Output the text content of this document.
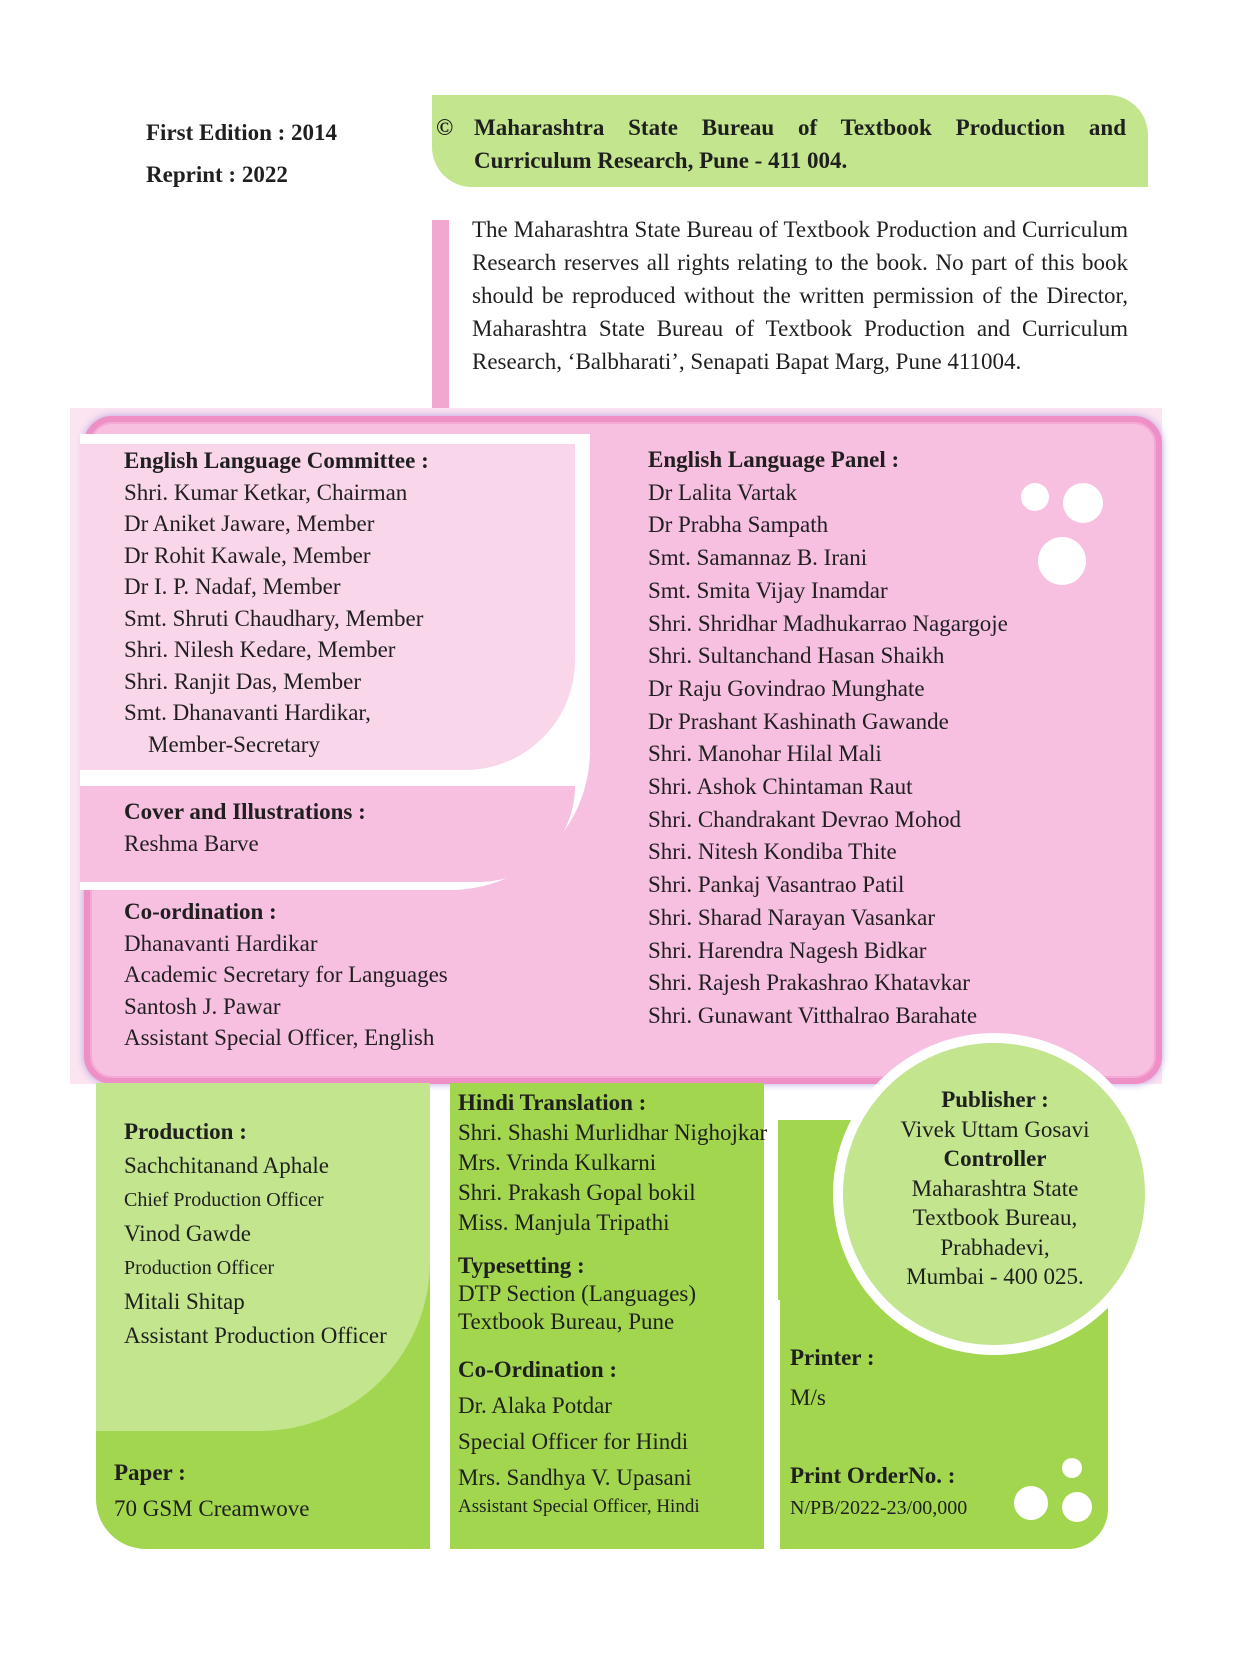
First Edition : 2014
Reprint : 2022
© Maharashtra State Bureau of Textbook Production and
Curriculum Research, Pune - 411 004.
The Maharashtra State Bureau of Textbook Production and Curriculum Research reserves all rights relating to the book. No part of this book should be reproduced without the written permission of the Director, Maharashtra State Bureau of Textbook Production and Curriculum Research, ‘Balbharati’, Senapati Bapat Marg, Pune 411004.
English Language Committee :
Shri. Kumar Ketkar, Chairman
Dr Aniket Jaware, Member
Dr Rohit Kawale, Member
Dr I. P. Nadaf, Member
Smt. Shruti Chaudhary, Member
Shri. Nilesh Kedare, Member
Shri. Ranjit Das, Member
Smt. Dhanavanti Hardikar,
Member-Secretary
Cover and Illustrations :
Reshma Barve
Co-ordination :
Dhanavanti Hardikar
Academic Secretary for Languages
Santosh J. Pawar
Assistant Special Officer, English
English Language Panel :
Dr Lalita Vartak
Dr Prabha Sampath
Smt. Samannaz B. Irani
Smt. Smita Vijay Inamdar
Shri. Shridhar Madhukarrao Nagargoje
Shri. Sultanchand Hasan Shaikh
Dr Raju Govindrao Munghate
Dr Prashant Kashinath Gawande
Shri. Manohar Hilal Mali
Shri. Ashok Chintaman Raut
Shri. Chandrakant Devrao Mohod
Shri. Nitesh Kondiba Thite
Shri. Pankaj Vasantrao Patil
Shri. Sharad Narayan Vasankar
Shri. Harendra Nagesh Bidkar
Shri. Rajesh Prakashrao Khatavkar
Shri. Gunawant Vitthalrao Barahate
Production :
Sachchitanand Aphale
Chief Production Officer
Vinod Gawde
Production Officer
Mitali Shitap
Assistant Production Officer
Paper :
70 GSM Creamwove
Hindi Translation :
Shri. Shashi Murlidhar Nighojkar
Mrs. Vrinda Kulkarni
Shri. Prakash Gopal bokil
Miss. Manjula Tripathi
Typesetting :
DTP Section (Languages)
Textbook Bureau, Pune
Co-Ordination :
Dr. Alaka Potdar
Special Officer for Hindi
Mrs. Sandhya V. Upasani
Assistant Special Officer, Hindi
Publisher :
Vivek Uttam Gosavi
Controller
Maharashtra State
Textbook Bureau,
Prabhadevi,
Mumbai - 400 025.
Printer :
M/s
Print OrderNo. :
N/PB/2022-23/00,000
